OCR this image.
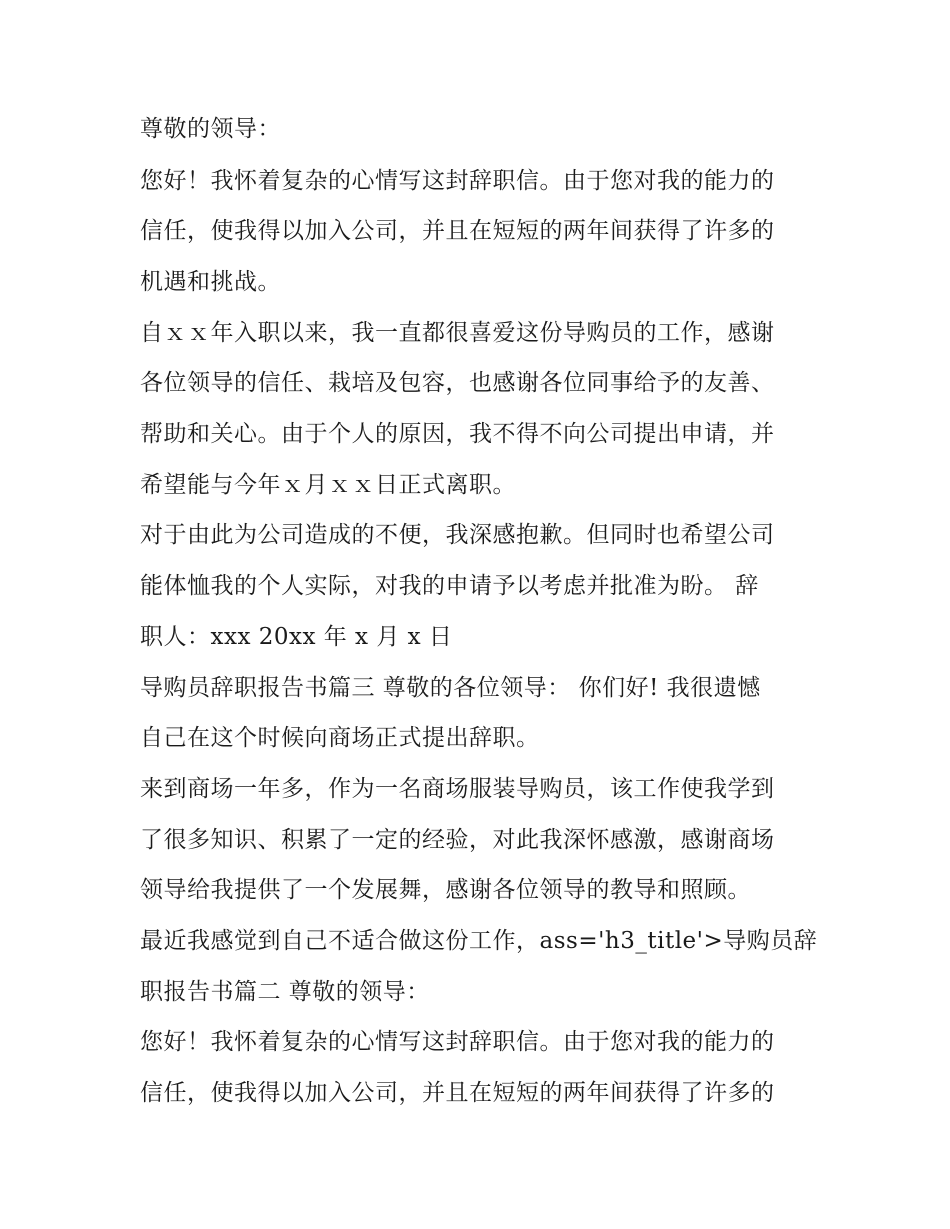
尊敬的领导：
您好！我怀着复杂的心情写这封辞职信。由于您对我的能力的
信任，使我得以加入公司，并且在短短的两年间获得了许多的
机遇和挑战。
自ｘｘ年入职以来，我一直都很喜爱这份导购员的工作，感谢
各位领导的信任、栽培及包容，也感谢各位同事给予的友善、
帮助和关心。由于个人的原因，我不得不向公司提出申请，并
希望能与今年ｘ月ｘｘ日正式离职。
对于由此为公司造成的不便，我深感抱歉。但同时也希望公司
能体恤我的个人实际，对我的申请予以考虑并批准为盼。 辞
职人：xxx 20xx 年 x 月 x 日
导购员辞职报告书篇三 尊敬的各位领导： 你们好! 我很遗憾
自己在这个时候向商场正式提出辞职。
来到商场一年多，作为一名商场服装导购员，该工作使我学到
了很多知识、积累了一定的经验，对此我深怀感激，感谢商场
领导给我提供了一个发展舞，感谢各位领导的教导和照顾。
最近我感觉到自己不适合做这份工作，ass='h3_title'>导购员辞
职报告书篇二 尊敬的领导：
您好！我怀着复杂的心情写这封辞职信。由于您对我的能力的
信任，使我得以加入公司，并且在短短的两年间获得了许多的
